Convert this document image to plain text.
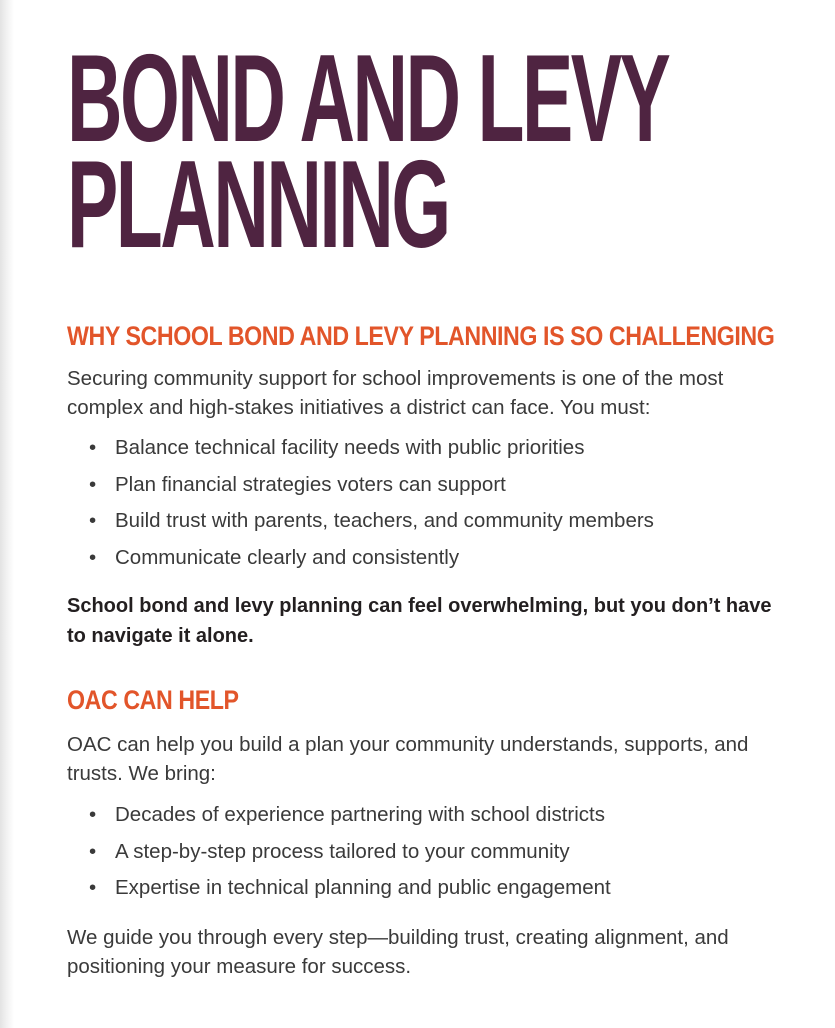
BOND AND LEVY
PLANNING
WHY SCHOOL BOND AND LEVY PLANNING IS SO CHALLENGING

Securing community support for school improvements is one of the most complex and high-stakes initiatives a district can face. You must:

• Balance technical facility needs with public priorities
• Plan financial strategies voters can support
• Build trust with parents, teachers, and community members
• Communicate clearly and consistently

School bond and levy planning can feel overwhelming, but you don’t have to navigate it alone.

OAC CAN HELP

OAC can help you build a plan your community understands, supports, and trusts. We bring:

• Decades of experience partnering with school districts
• A step-by-step process tailored to your community
• Expertise in technical planning and public engagement

We guide you through every step—building trust, creating alignment, and positioning your measure for success.
